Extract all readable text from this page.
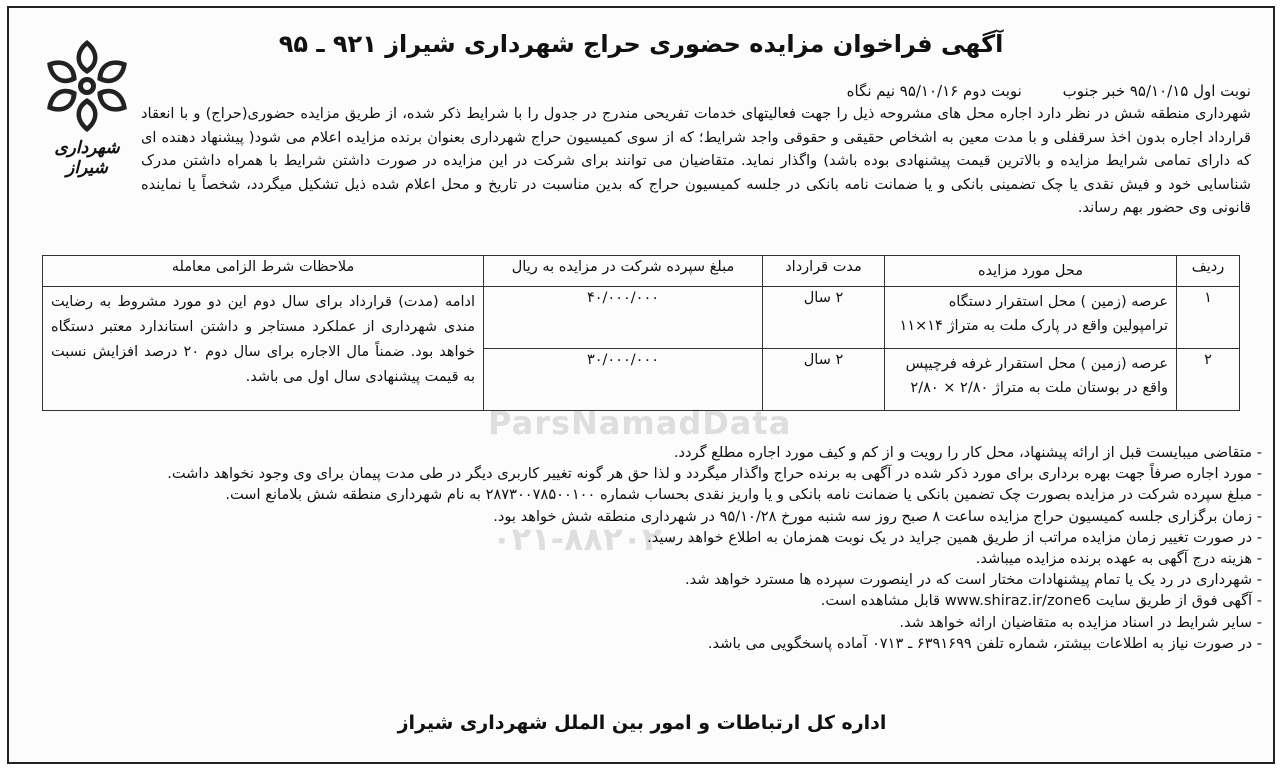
شهرداری شیراز
آگهی فراخوان مزایده حضوری حراج شهرداری شیراز ۹۲۱ ـ ۹۵
نوبت اول ۹۵/۱۰/۱۵ خبر جنوب نوبت دوم ۹۵/۱۰/۱۶ نیم نگاه
شهرداری منطقه شش در نظر دارد اجاره محل های مشروحه ذیل را جهت فعالیتهای خدمات تفریحی مندرج در جدول را با شرایط ذکر شده، از طریق مزایده حضوری(حراج) و با انعقاد قرارداد اجاره بدون اخذ سرقفلی و با مدت معین به اشخاص حقیقی و حقوقی واجد شرایط؛ که از سوی کمیسیون حراج شهرداری بعنوان برنده مزایده اعلام می شود( پیشنهاد دهنده ای که دارای تمامی شرایط مزایده و بالاترین قیمت پیشنهادی بوده باشد) واگذار نماید. متقاضیان می توانند برای شرکت در این مزایده در صورت داشتن شرایط با همراه داشتن مدرک شناسایی خود و فیش نقدی یا چک تضمینی بانکی و یا ضمانت نامه بانکی در جلسه کمیسیون حراج که بدین مناسبت در تاریخ و محل اعلام شده ذیل تشکیل میگردد، شخصاً یا نماینده قانونی وی حضور بهم رساند.
ParsNamadData
۰۲۱-۸۸۲۰۲۰۰۰
ردیف	محل مورد مزایده	مدت قرارداد	مبلغ سپرده شرکت در مزایده به ریال	ملاحظات شرط الزامی معامله
۱	عرصه (زمین ) محل استقرار دستگاه ترامپولین واقع در پارک ملت به متراژ ۱۴×۱۱	۲ سال	۴۰/۰۰۰/۰۰۰	ادامه (مدت) قرارداد برای سال دوم این دو مورد مشروط به رضایت مندی شهرداری از عملکرد مستاجر و داشتن استاندارد معتبر دستگاه خواهد بود. ضمناً مال الاجاره برای سال دوم ۲۰ درصد افزایش نسبت به قیمت پیشنهادی سال اول می باشد.
۲	عرصه (زمین ) محل استقرار غرفه فرچیپس واقع در بوستان ملت به متراژ ۲/۸۰ × ۲/۸۰	۲ سال	۳۰/۰۰۰/۰۰۰	
- متقاضی میبایست قبل از ارائه پیشنهاد، محل کار را رویت و از کم و کیف مورد اجاره مطلع گردد.
- مورد اجاره صرفاً جهت بهره برداری برای مورد ذکر شده در آگهی به برنده حراج واگذار میگردد و لذا حق هر گونه تغییر کاربری دیگر در طی مدت پیمان برای وی وجود نخواهد داشت.
- مبلغ سپرده شرکت در مزایده بصورت چک تضمین بانکی یا ضمانت نامه بانکی و یا واریز نقدی بحساب شماره ۲۸۷۳۰۰۷۸۵۰۰۱۰۰ به نام شهرداری منطقه شش بلامانع است.
- زمان برگزاری جلسه کمیسیون حراج مزایده ساعت ۸ صبح روز سه شنبه مورخ ۹۵/۱۰/۲۸ در شهرداری منطقه شش خواهد بود.
- در صورت تغییر زمان مزایده مراتب از طریق همین جراید در یک نوبت همزمان به اطلاع خواهد رسید.
- هزینه درج آگهی به عهده برنده مزایده میباشد.
- شهرداری در رد یک یا تمام پیشنهادات مختار است که در اینصورت سپرده ها مسترد خواهد شد.
- آگهی فوق از طریق سایت www.shiraz.ir/zone6 قابل مشاهده است.
- سایر شرایط در اسناد مزایده به متقاضیان ارائه خواهد شد.
- در صورت نیاز به اطلاعات بیشتر، شماره تلفن ۶۳۹۱۶۹۹ ـ ۰۷۱۳ آماده پاسخگویی می باشد.
اداره کل ارتباطات و امور بین الملل شهرداری شیراز
